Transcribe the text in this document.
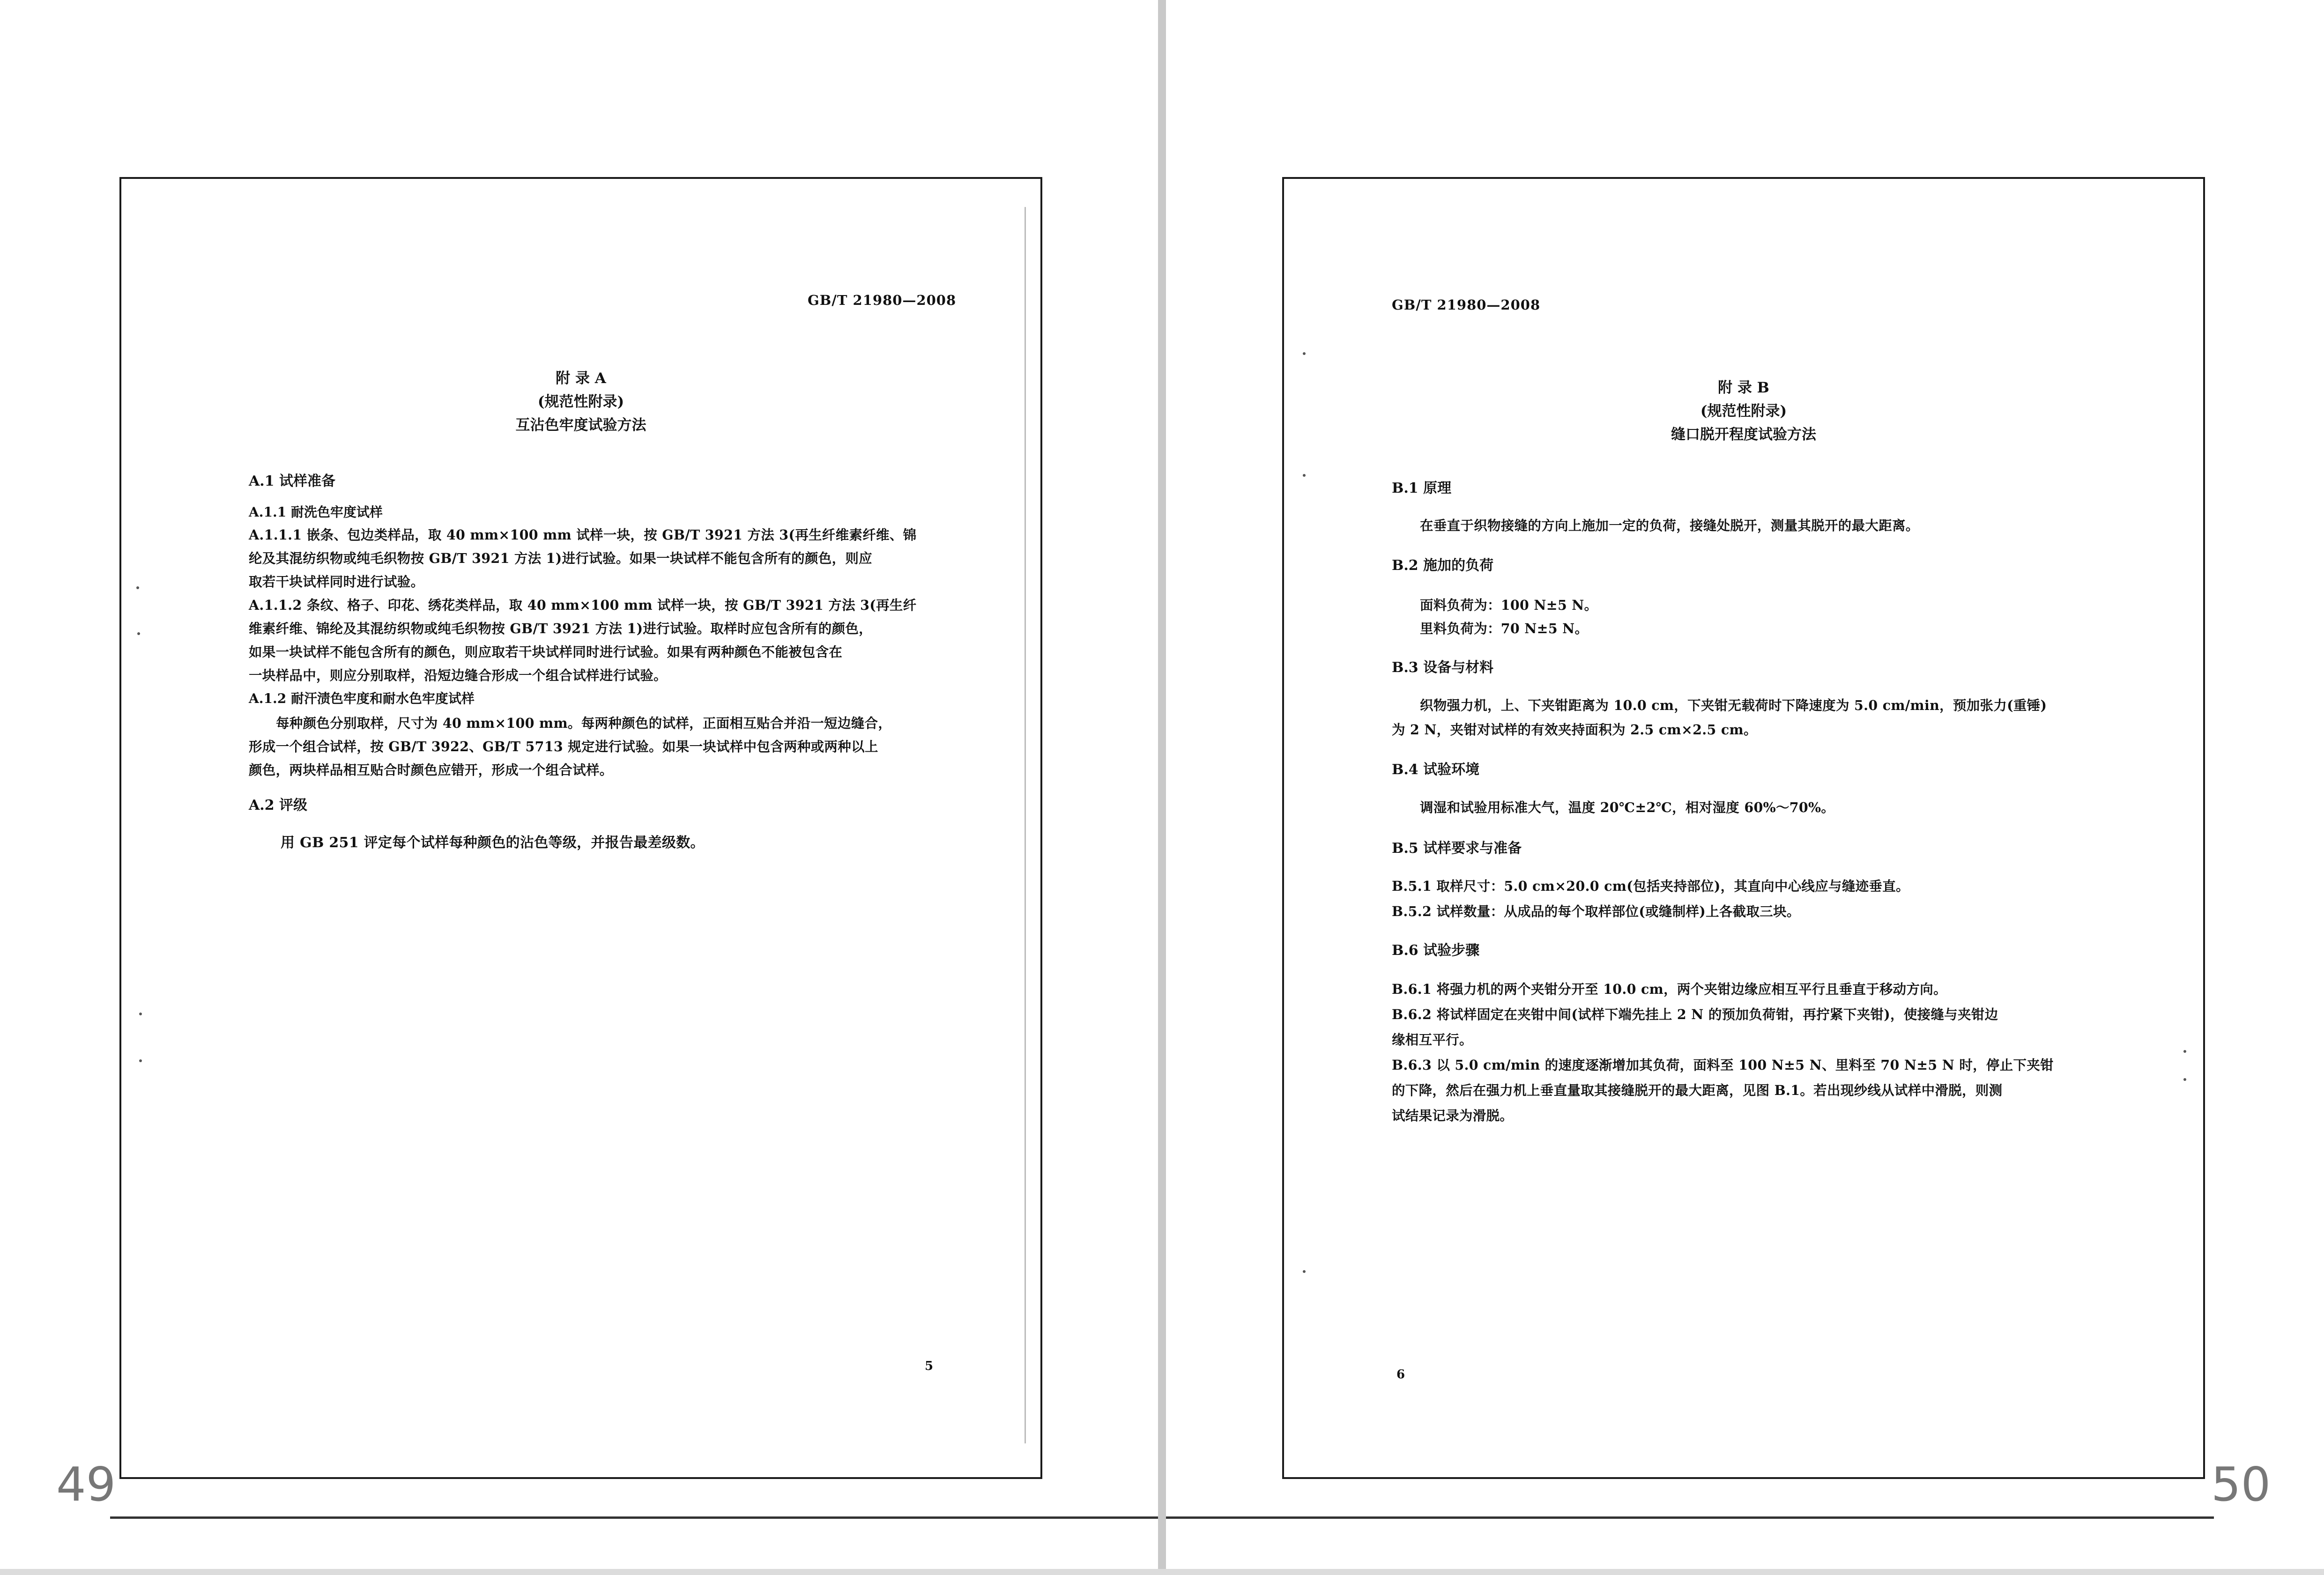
GB/T 21980—2008
附 录 A
(规范性附录)
互沾色牢度试验方法
A.1 试样准备
A.1.1 耐洗色牢度试样
A.1.1.1 嵌条、包边类样品，取 40 mm×100 mm 试样一块，按 GB/T 3921 方法 3(再生纤维素纤维、锦
纶及其混纺织物或纯毛织物按 GB/T 3921 方法 1)进行试验。如果一块试样不能包含所有的颜色，则应
取若干块试样同时进行试验。
A.1.1.2 条纹、格子、印花、绣花类样品，取 40 mm×100 mm 试样一块，按 GB/T 3921 方法 3(再生纤
维素纤维、锦纶及其混纺织物或纯毛织物按 GB/T 3921 方法 1)进行试验。取样时应包含所有的颜色，
如果一块试样不能包含所有的颜色，则应取若干块试样同时进行试验。如果有两种颜色不能被包含在
一块样品中，则应分别取样，沿短边缝合形成一个组合试样进行试验。
A.1.2 耐汗渍色牢度和耐水色牢度试样
每种颜色分别取样，尺寸为 40 mm×100 mm。每两种颜色的试样，正面相互贴合并沿一短边缝合，
形成一个组合试样，按 GB/T 3922、GB/T 5713 规定进行试验。如果一块试样中包含两种或两种以上
颜色，两块样品相互贴合时颜色应错开，形成一个组合试样。
A.2 评级
用 GB 251 评定每个试样每种颜色的沾色等级，并报告最差级数。
5
GB/T 21980—2008
附 录 B
(规范性附录)
缝口脱开程度试验方法
B.1 原理
在垂直于织物接缝的方向上施加一定的负荷，接缝处脱开，测量其脱开的最大距离。
B.2 施加的负荷
面料负荷为：100 N±5 N。
里料负荷为：70 N±5 N。
B.3 设备与材料
织物强力机，上、下夹钳距离为 10.0 cm，下夹钳无载荷时下降速度为 5.0 cm/min，预加张力(重锤)
为 2 N，夹钳对试样的有效夹持面积为 2.5 cm×2.5 cm。
B.4 试验环境
调湿和试验用标准大气，温度 20℃±2℃，相对湿度 60%～70%。
B.5 试样要求与准备
B.5.1 取样尺寸：5.0 cm×20.0 cm(包括夹持部位)，其直向中心线应与缝迹垂直。
B.5.2 试样数量：从成品的每个取样部位(或缝制样)上各截取三块。
B.6 试验步骤
B.6.1 将强力机的两个夹钳分开至 10.0 cm，两个夹钳边缘应相互平行且垂直于移动方向。
B.6.2 将试样固定在夹钳中间(试样下端先挂上 2 N 的预加负荷钳，再拧紧下夹钳)，使接缝与夹钳边
缘相互平行。
B.6.3 以 5.0 cm/min 的速度逐渐增加其负荷，面料至 100 N±5 N、里料至 70 N±5 N 时，停止下夹钳
的下降，然后在强力机上垂直量取其接缝脱开的最大距离，见图 B.1。若出现纱线从试样中滑脱，则测
试结果记录为滑脱。
6
49	50
